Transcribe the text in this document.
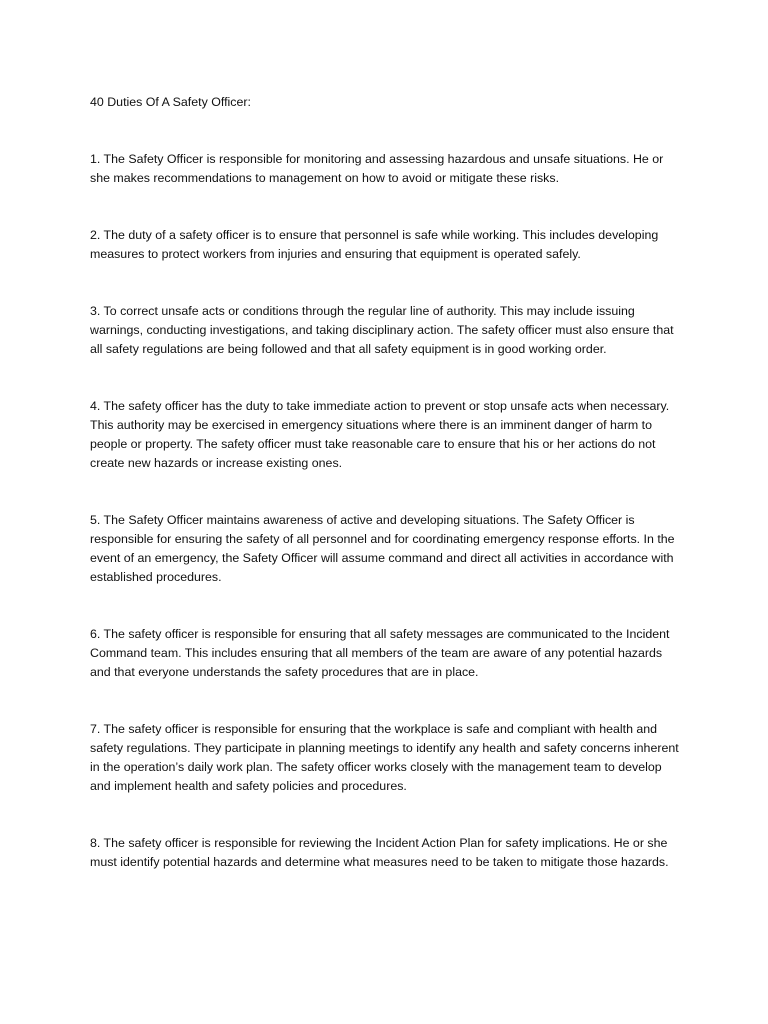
40 Duties Of A Safety Officer:

1. The Safety Officer is responsible for monitoring and assessing hazardous and unsafe situations. He or she makes recommendations to management on how to avoid or mitigate these risks.

2. The duty of a safety officer is to ensure that personnel is safe while working. This includes developing measures to protect workers from injuries and ensuring that equipment is operated safely.

3. To correct unsafe acts or conditions through the regular line of authority. This may include issuing warnings, conducting investigations, and taking disciplinary action. The safety officer must also ensure that all safety regulations are being followed and that all safety equipment is in good working order.

4. The safety officer has the duty to take immediate action to prevent or stop unsafe acts when necessary. This authority may be exercised in emergency situations where there is an imminent danger of harm to people or property. The safety officer must take reasonable care to ensure that his or her actions do not create new hazards or increase existing ones.

5. The Safety Officer maintains awareness of active and developing situations. The Safety Officer is responsible for ensuring the safety of all personnel and for coordinating emergency response efforts. In the event of an emergency, the Safety Officer will assume command and direct all activities in accordance with established procedures.

6. The safety officer is responsible for ensuring that all safety messages are communicated to the Incident Command team. This includes ensuring that all members of the team are aware of any potential hazards and that everyone understands the safety procedures that are in place.

7. The safety officer is responsible for ensuring that the workplace is safe and compliant with health and safety regulations. They participate in planning meetings to identify any health and safety concerns inherent in the operation’s daily work plan. The safety officer works closely with the management team to develop and implement health and safety policies and procedures.

8. The safety officer is responsible for reviewing the Incident Action Plan for safety implications. He or she must identify potential hazards and determine what measures need to be taken to mitigate those hazards.
